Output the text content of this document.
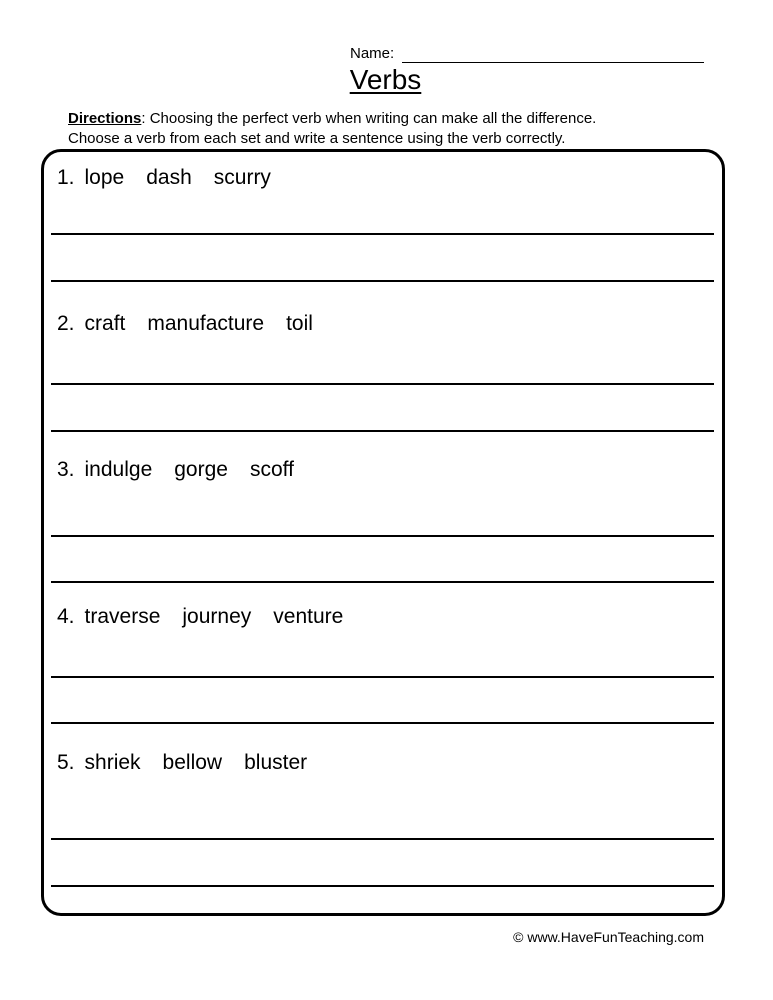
Name:
Verbs
Directions: Choosing the perfect verb when writing can make all the difference.
Choose a verb from each set and write a sentence using the verb correctly.
1. lope dash scurry
2. craft manufacture toil
3. indulge gorge scoff
4. traverse journey venture
5. shriek bellow bluster
© www.HaveFunTeaching.com
